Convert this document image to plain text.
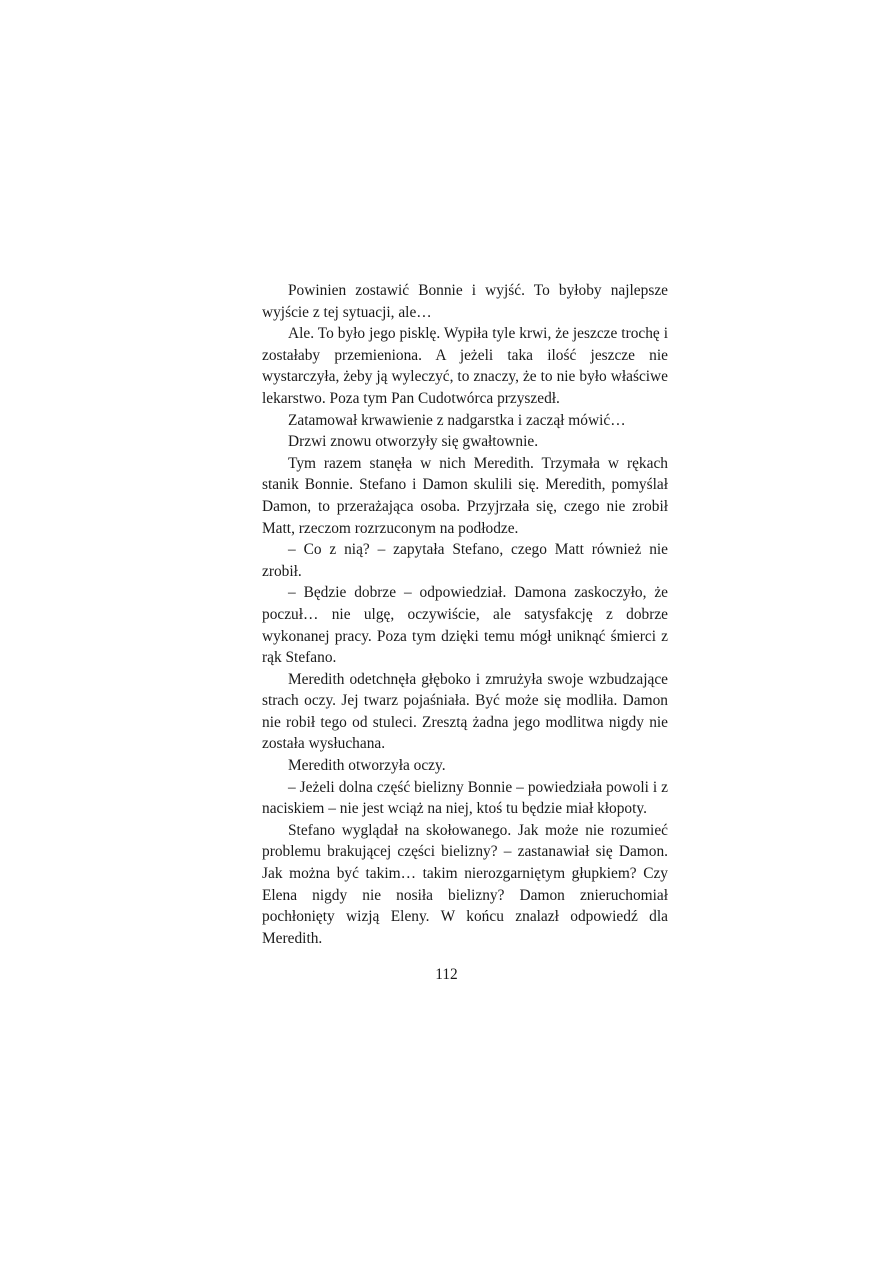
Powinien zostawić Bonnie i wyjść. To byłoby najlepsze wyjście z tej sytuacji, ale…

Ale. To było jego pisklę. Wypiła tyle krwi, że jeszcze trochę i zostałaby przemieniona. A jeżeli taka ilość jeszcze nie wystarczyła, żeby ją wyleczyć, to znaczy, że to nie było właściwe lekarstwo. Poza tym Pan Cudotwórca przyszedł.

Zatamował krwawienie z nadgarstka i zaczął mówić…

Drzwi znowu otworzyły się gwałtownie.

Tym razem stanęła w nich Meredith. Trzymała w rękach stanik Bonnie. Stefano i Damon skulili się. Meredith, pomyślał Damon, to przerażająca osoba. Przyjrzała się, czego nie zrobił Matt, rzeczom rozrzuconym na podłodze.

– Co z nią? – zapytała Stefano, czego Matt również nie zrobił.

– Będzie dobrze – odpowiedział. Damona zaskoczyło, że poczuł… nie ulgę, oczywiście, ale satysfakcję z dobrze wykonanej pracy. Poza tym dzięki temu mógł uniknąć śmierci z rąk Stefano.

Meredith odetchnęła głęboko i zmrużyła swoje wzbudzające strach oczy. Jej twarz pojaśniała. Być może się modliła. Damon nie robił tego od stuleci. Zresztą żadna jego modlitwa nigdy nie została wysłuchana.

Meredith otworzyła oczy.

– Jeżeli dolna część bielizny Bonnie – powiedziała powoli i z naciskiem – nie jest wciąż na niej, ktoś tu będzie miał kłopoty.

Stefano wyglądał na skołowanego. Jak może nie rozumieć problemu brakującej części bielizny? – zastanawiał się Damon. Jak można być takim… takim nierozgarniętym głupkiem? Czy Elena nigdy nie nosiła bielizny? Damon znieruchomiał pochłonięty wizją Eleny. W końcu znalazł odpowiedź dla Meredith.

112
